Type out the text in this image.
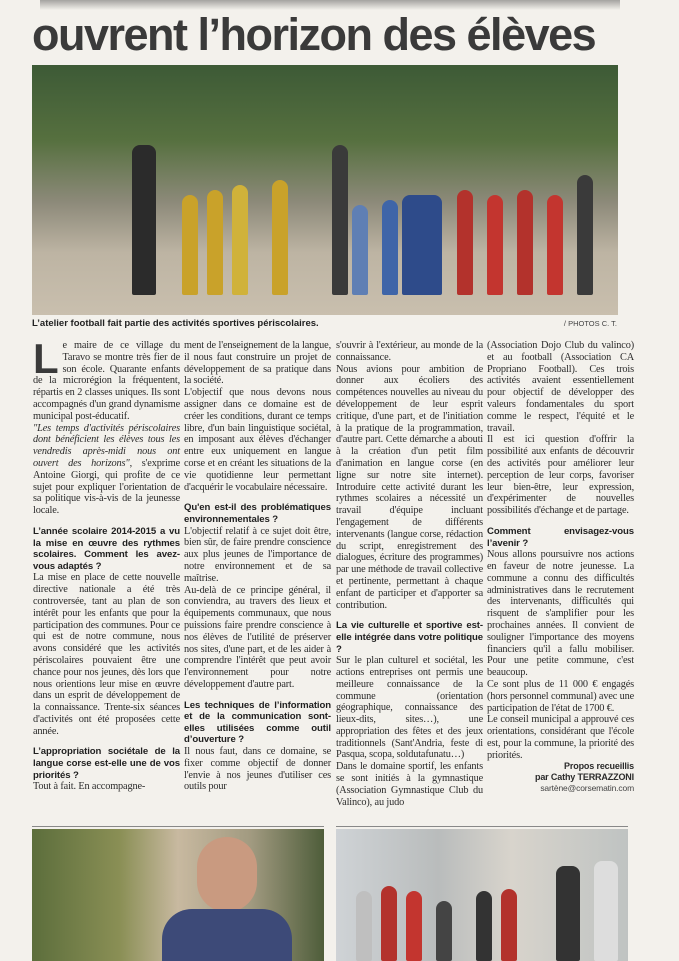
ouvrent l’horizon des élèves
L’atelier football fait partie des activités sportives périscolaires.	/ PHOTOS C. T.
L e maire de ce village du Taravo se montre très fier de son école. Quarante enfants de la microrégion la fréquentent, répartis en 2 classes uniques. Ils sont accompagnés d'un grand dynamisme municipal post-éducatif.

"Les temps d'activités périscolaires dont bénéficient les élèves tous les vendredis après-midi nous ont ouvert des horizons", s'exprime Antoine Giorgi, qui profite de ce sujet pour expliquer l'orientation de sa politique vis-à-vis de la jeunesse locale.

L’année scolaire 2014-2015 a vu la mise en œuvre des rythmes scolaires. Comment les avez-vous adaptés ?

La mise en place de cette nouvelle directive nationale a été très controversée, tant au plan de son intérêt pour les enfants que pour la participation des communes. Pour ce qui est de notre commune, nous avons considéré que les activités périscolaires pouvaient être une chance pour nos jeunes, dès lors que nous orientions leur mise en œuvre dans un esprit de développement de la connaissance. Trente-six séances d'activités ont été proposées cette année.

L’appropriation sociétale de la langue corse est-elle une de vos priorités ?

Tout à fait. En accompagne-

ment de l'enseignement de la langue, il nous faut construire un projet de développement de sa pratique dans la société.

L'objectif que nous devons nous assigner dans ce domaine est de créer les conditions, durant ce temps libre, d'un bain linguistique sociétal, en imposant aux élèves d'échanger entre eux uniquement en langue corse et en créant les situations de la vie quotidienne leur permettant d'acquérir le vocabulaire nécessaire.

Qu'en est-il des problématiques environnementales ?

L'objectif relatif à ce sujet doit être, bien sûr, de faire prendre conscience aux plus jeunes de l'importance de notre environnement et de sa maîtrise.

Au-delà de ce principe général, il conviendra, au travers des lieux et équipements communaux, que nous puissions faire prendre conscience à nos élèves de l'utilité de préserver nos sites, d'une part, et de les aider à comprendre l'intérêt que peut avoir l'environnement pour notre développement d'autre part.

Les techniques de l’information et de la communication sont-elles utilisées comme outil d’ouverture ?

Il nous faut, dans ce domaine, se fixer comme objectif de donner l'envie à nos jeunes d'utiliser ces outils pour

s'ouvrir à l'extérieur, au monde de la connaissance.

Nous avions pour ambition de donner aux écoliers des compétences nouvelles au niveau du développement de leur esprit critique, d'une part, et de l'initiation à la pratique de la programmation, d'autre part. Cette démarche a abouti à la création d'un petit film d'animation en langue corse (en ligne sur notre site internet). Introduire cette activité durant les rythmes scolaires a nécessité un travail d'équipe incluant l'engagement de différents intervenants (langue corse, rédaction du script, enregistrement des dialogues, écriture des programmes) par une méthode de travail collective et pertinente, permettant à chaque enfant de participer et d'apporter sa contribution.

La vie culturelle et sportive est-elle intégrée dans votre politique ?

Sur le plan culturel et sociétal, les actions entreprises ont permis une meilleure connaissance de la commune (orientation géographique, connaissance des lieux-dits, sites…), une appropriation des fêtes et des jeux traditionnels (Sant'Andria, feste di Pasqua, scopa, soldutafunatu…)

Dans le domaine sportif, les enfants se sont initiés à la gymnastique (Association Gymnastique Club du Valinco), au judo

(Association Dojo Club du valinco) et au football (Association CA Propriano Football). Ces trois activités avaient essentiellement pour objectif de développer des valeurs fondamentales du sport comme le respect, l'équité et le travail.

Il est ici question d'offrir la possibilité aux enfants de découvrir des activités pour améliorer leur perception de leur corps, favoriser leur bien-être, leur expression, d'expérimenter de nouvelles possibilités d'échange et de partage.

Comment envisagez-vous l’avenir ?

Nous allons poursuivre nos actions en faveur de notre jeunesse. La commune a connu des difficultés administratives dans le recrutement des intervenants, difficultés qui risquent de s'amplifier pour les prochaines années. Il convient de souligner l'importance des moyens financiers qu'il a fallu mobiliser. Pour une petite commune, c'est beaucoup.

Ce sont plus de 11 000 € engagés (hors personnel communal) avec une participation de l'état de 1700 €.

Le conseil municipal a approuvé ces orientations, considérant que l'école est, pour la commune, la priorité des priorités.

Propos recueillis
par Cathy TERRAZZONI
sartène@corsematin.com
